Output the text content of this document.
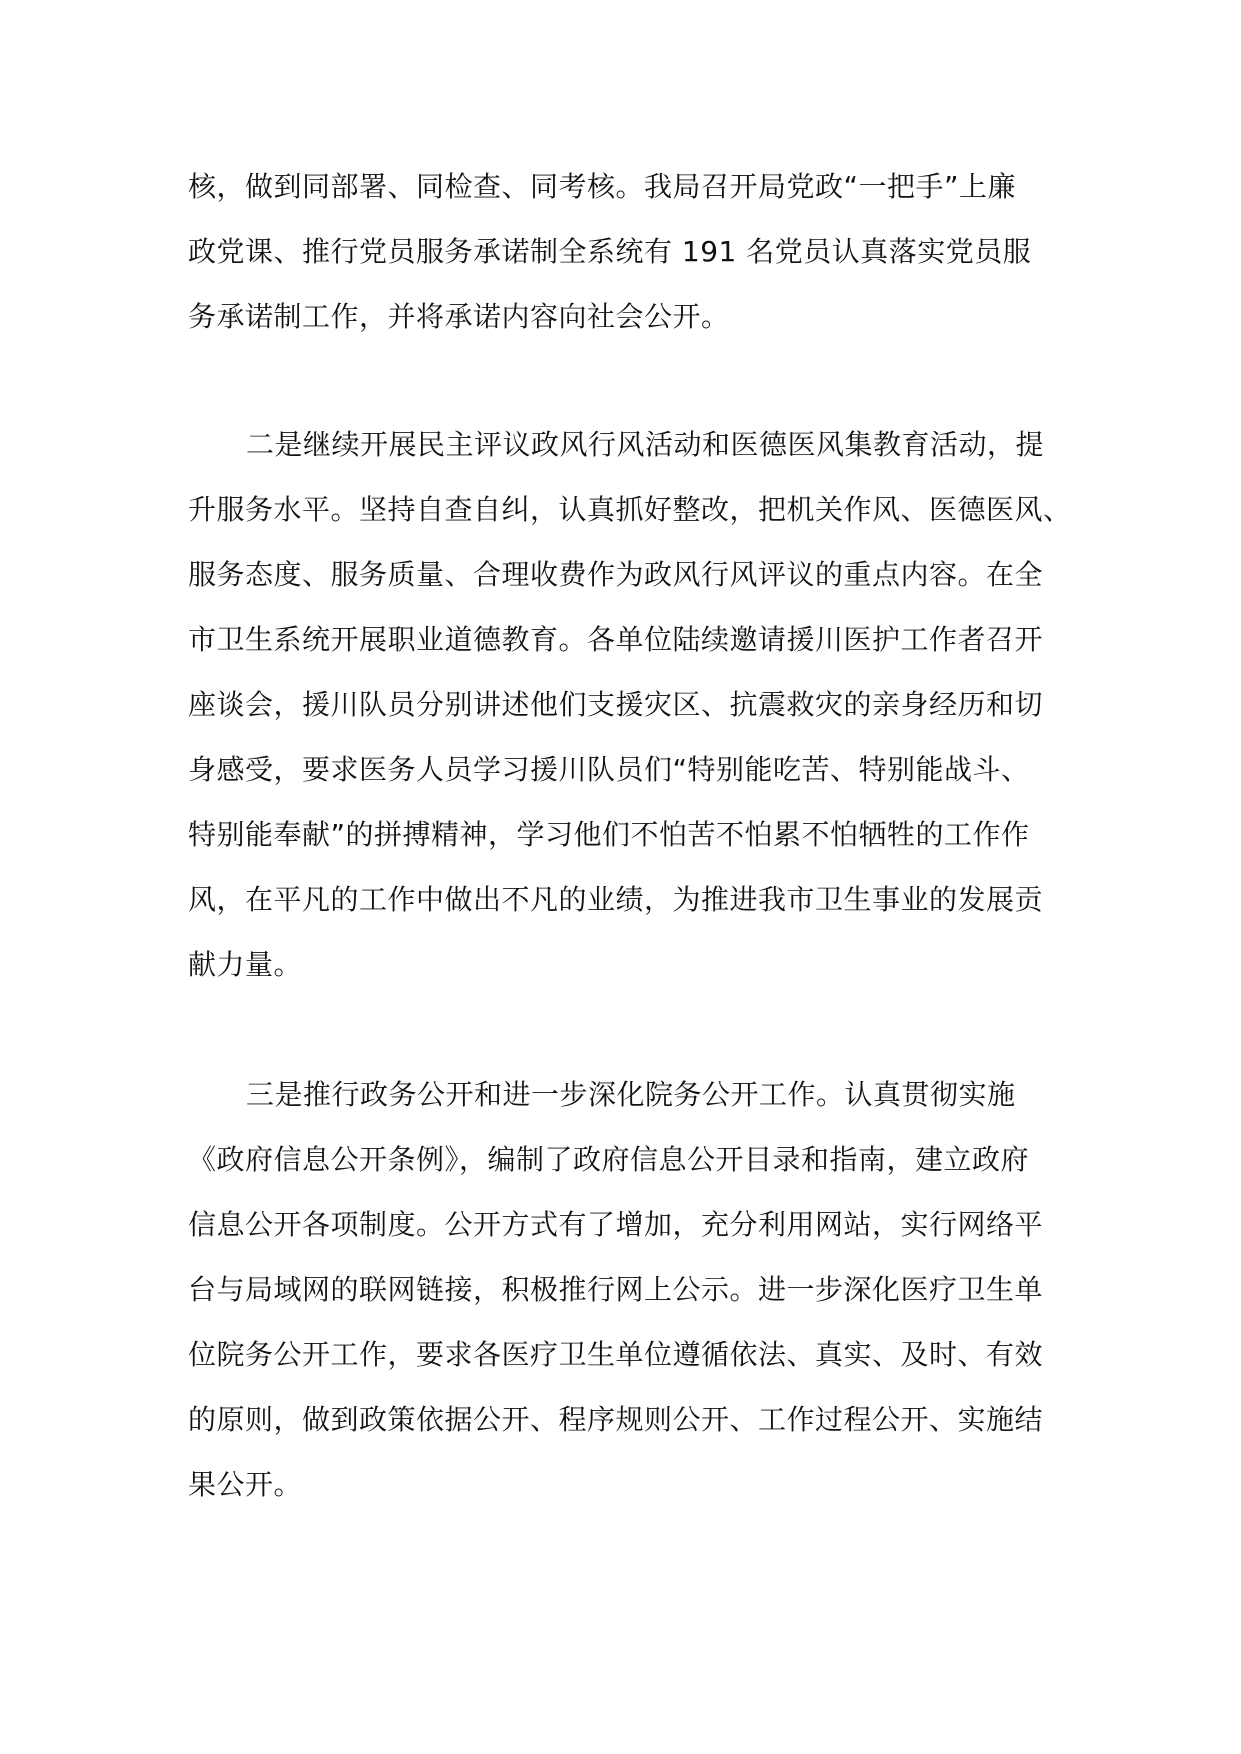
核，做到同部署、同检查、同考核。我局召开局党政“一把手”上廉
政党课、推行党员服务承诺制全系统有 191 名党员认真落实党员服
务承诺制工作，并将承诺内容向社会公开。
二是继续开展民主评议政风行风活动和医德医风集教育活动，提
升服务水平。坚持自查自纠，认真抓好整改，把机关作风、医德医风、
服务态度、服务质量、合理收费作为政风行风评议的重点内容。在全
市卫生系统开展职业道德教育。各单位陆续邀请援川医护工作者召开
座谈会，援川队员分别讲述他们支援灾区、抗震救灾的亲身经历和切
身感受，要求医务人员学习援川队员们“特别能吃苦、特别能战斗、
特别能奉献”的拼搏精神，学习他们不怕苦不怕累不怕牺牲的工作作
风，在平凡的工作中做出不凡的业绩，为推进我市卫生事业的发展贡
献力量。
三是推行政务公开和进一步深化院务公开工作。认真贯彻实施
《政府信息公开条例》，编制了政府信息公开目录和指南，建立政府
信息公开各项制度。公开方式有了增加，充分利用网站，实行网络平
台与局域网的联网链接，积极推行网上公示。进一步深化医疗卫生单
位院务公开工作，要求各医疗卫生单位遵循依法、真实、及时、有效
的原则，做到政策依据公开、程序规则公开、工作过程公开、实施结
果公开。
